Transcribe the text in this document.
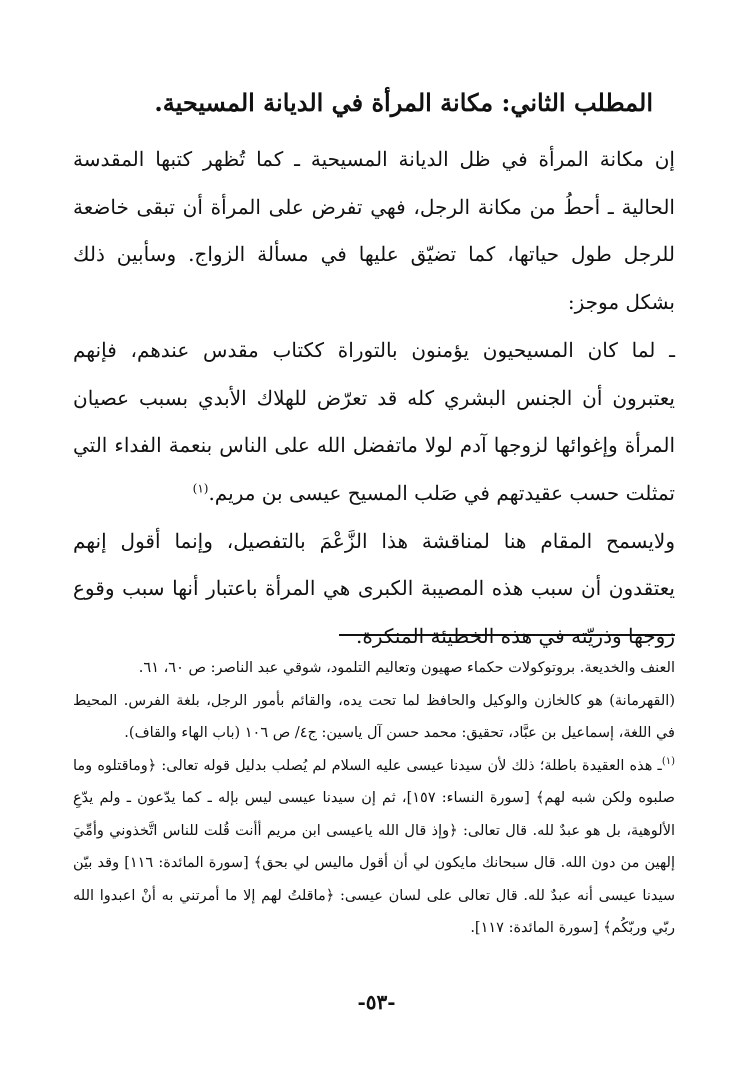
المطلب الثاني: مكانة المرأة في الديانة المسيحية.

إن مكانة المرأة في ظل الديانة المسيحية ـ كما تُظهر كتبها المقدسة الحالية ـ أحطُ من مكانة الرجل، فهي تفرض على المرأة أن تبقى خاضعة للرجل طول حياتها، كما تضيّق عليها في مسألة الزواج. وسأبين ذلك بشكل موجز:

ـ لما كان المسيحيون يؤمنون بالتوراة ككتاب مقدس عندهم، فإنهم يعتبرون أن الجنس البشري كله قد تعرّض للهلاك الأبدي بسبب عصيان المرأة وإغوائها لزوجها آدم لولا ماتفضل الله على الناس بنعمة الفداء التي تمثلت حسب عقيدتهم في صَلب المسيح عيسى بن مريم.$^{(١)}$

ولايسمح المقام هنا لمناقشة هذا الزَّعْمَ بالتفصيل، وإنما أقول إنهم يعتقدون أن سبب هذه المصيبة الكبرى هي المرأة باعتبار أنها سبب وقوع زوجها وذريّته في هذه الخطيئة المنكرة.

العنف والخديعة. بروتوكولات حكماء صهيون وتعاليم التلمود، شوقي عبد الناصر: ص ٦٠، ٦١.

(القهرمانة) هو كالخازن والوكيل والحافظ لما تحت يده، والقائم بأمور الرجل، بلغة الفرس. المحيط في اللغة، إسماعيل بن عبَّاد، تحقيق: محمد حسن آل ياسين: ج٤/ ص ١٠٦ (باب الهاء والقاف).

$^{(١)}$ـ هذه العقيدة باطلة؛ ذلك لأن سيدنا عيسى عليه السلام لم يُصلب بدليل قوله تعالى: ﴿وماقتلوه وما صلبوه ولكن شبه لهم﴾ [سورة النساء: ١٥٧]، ثم إن سيدنا عيسى ليس بإله ـ كما يدّعون ـ ولم يدّعِ الألوهية، بل هو عبدٌ لله. قال تعالى: ﴿وإذ قال الله ياعيسى ابن مريم أأنت قُلت للناس اتَّخذوني وأمِّيَ إلهين من دون الله. قال سبحانك مايكون لي أن أقول ماليس لي بحق﴾ [سورة المائدة: ١١٦] وقد بيّن سيدنا عيسى أنه عبدٌ لله. قال تعالى على لسان عيسى: ﴿ماقلتُ لهم إلا ما أمرتني به أنْ اعبدوا الله ربّي وربّكُم﴾ [سورة المائدة: ١١٧].

-٥٣-
